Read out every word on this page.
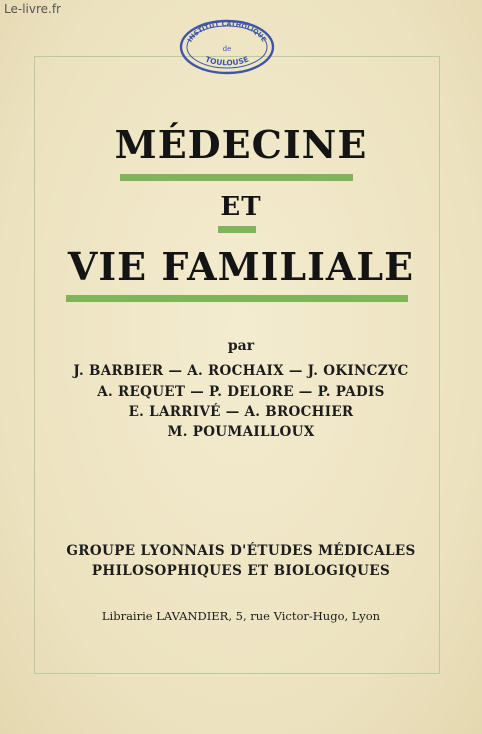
Le-livre.fr
INSTITUT CATHOLIQUE
de
TOULOUSE
MÉDECINE
ET
VIE FAMILIALE
par
J. BARBIER — A. ROCHAIX — J. OKINCZYC
A. REQUET — P. DELORE — P. PADIS
E. LARRIVÉ — A. BROCHIER
M. POUMAILLOUX
GROUPE LYONNAIS D'ÉTUDES MÉDICALES
PHILOSOPHIQUES ET BIOLOGIQUES
Librairie LAVANDIER, 5, rue Victor-Hugo, Lyon
